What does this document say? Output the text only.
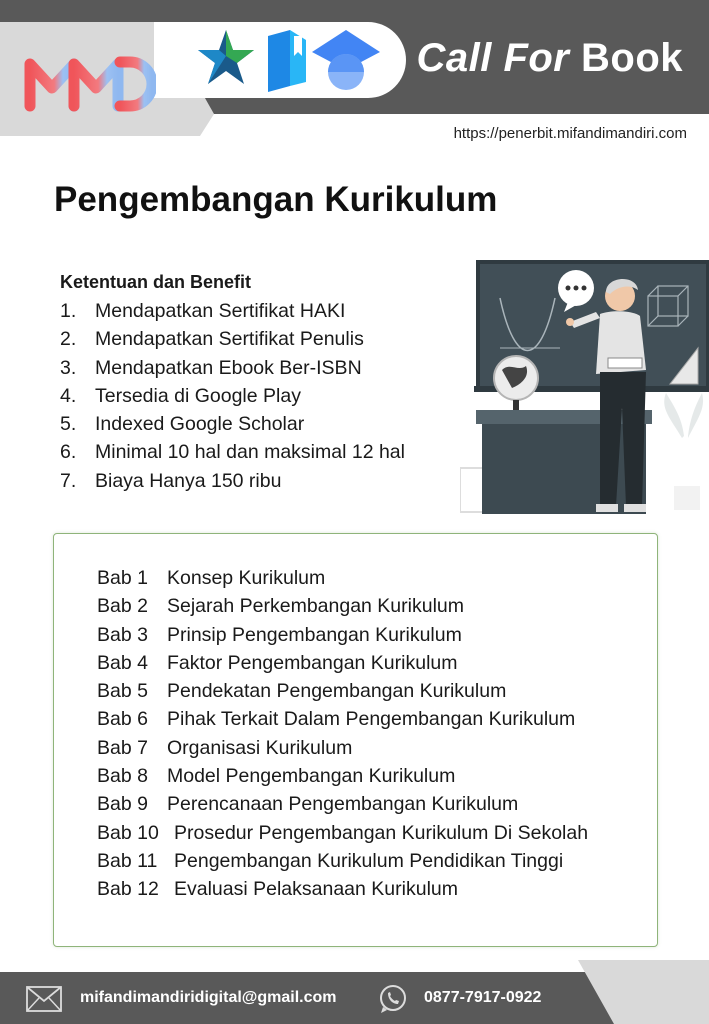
Call For Book
https://penerbit.mifandimandiri.com
Pengembangan Kurikulum
Ketentuan dan Benefit
1. Mendapatkan Sertifikat HAKI
2. Mendapatkan Sertifikat Penulis
3. Mendapatkan Ebook Ber-ISBN
4. Tersedia di Google Play
5. Indexed Google Scholar
6. Minimal 10 hal dan maksimal 12 hal
7. Biaya Hanya 150 ribu
Bab 1 Konsep Kurikulum
Bab 2 Sejarah Perkembangan Kurikulum
Bab 3 Prinsip Pengembangan Kurikulum
Bab 4 Faktor Pengembangan Kurikulum
Bab 5 Pendekatan Pengembangan Kurikulum
Bab 6 Pihak Terkait Dalam Pengembangan Kurikulum
Bab 7 Organisasi Kurikulum
Bab 8 Model Pengembangan Kurikulum
Bab 9 Perencanaan Pengembangan Kurikulum
Bab 10 Prosedur Pengembangan Kurikulum Di Sekolah
Bab 11 Pengembangan Kurikulum Pendidikan Tinggi
Bab 12 Evaluasi Pelaksanaan Kurikulum
mifandimandiridigital@gmail.com	0877-7917-0922
